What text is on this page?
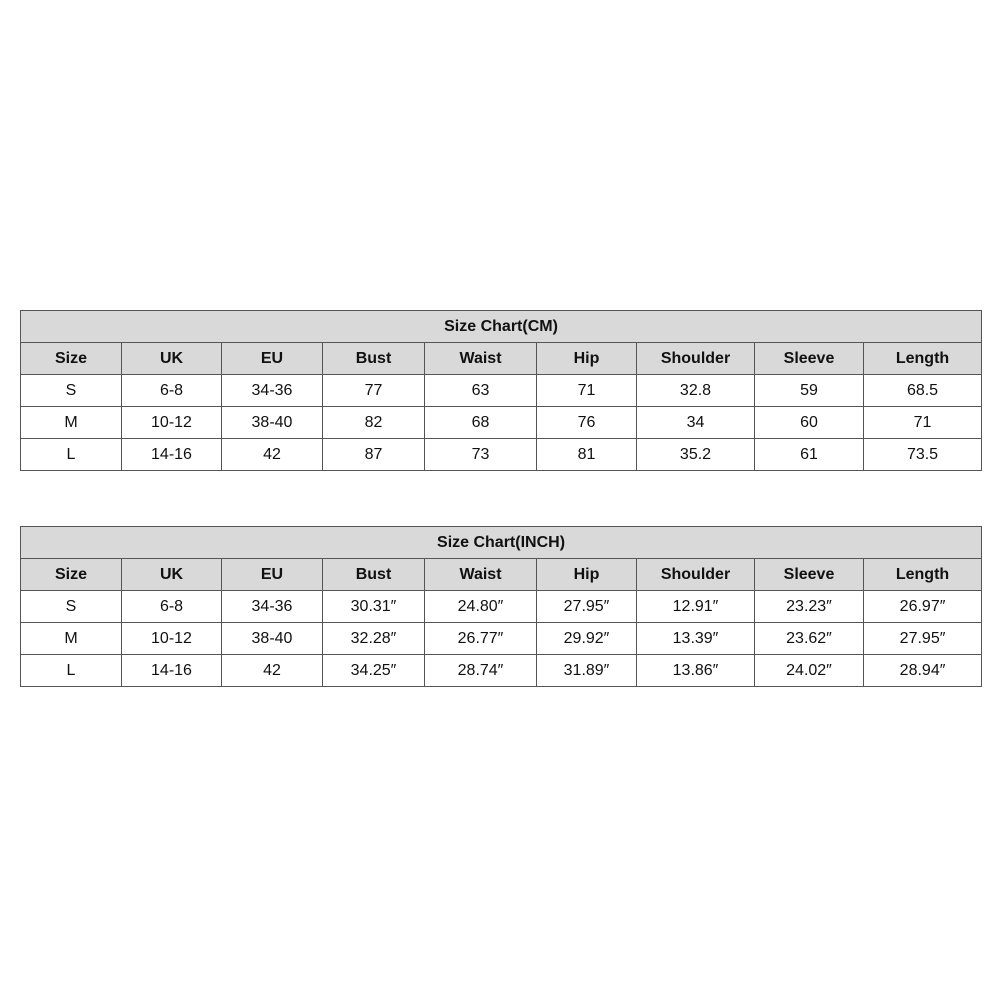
Size Chart(CM)								
Size	UK	EU	Bust	Waist	Hip	Shoulder	Sleeve	Length
S	6-8	34-36	77	63	71	32.8	59	68.5
M	10-12	38-40	82	68	76	34	60	71
L	14-16	42	87	73	81	35.2	61	73.5
Size Chart(INCH)								
Size	UK	EU	Bust	Waist	Hip	Shoulder	Sleeve	Length
S	6-8	34-36	30.31″	24.80″	27.95″	12.91″	23.23″	26.97″
M	10-12	38-40	32.28″	26.77″	29.92″	13.39″	23.62″	27.95″
L	14-16	42	34.25″	28.74″	31.89″	13.86″	24.02″	28.94″
